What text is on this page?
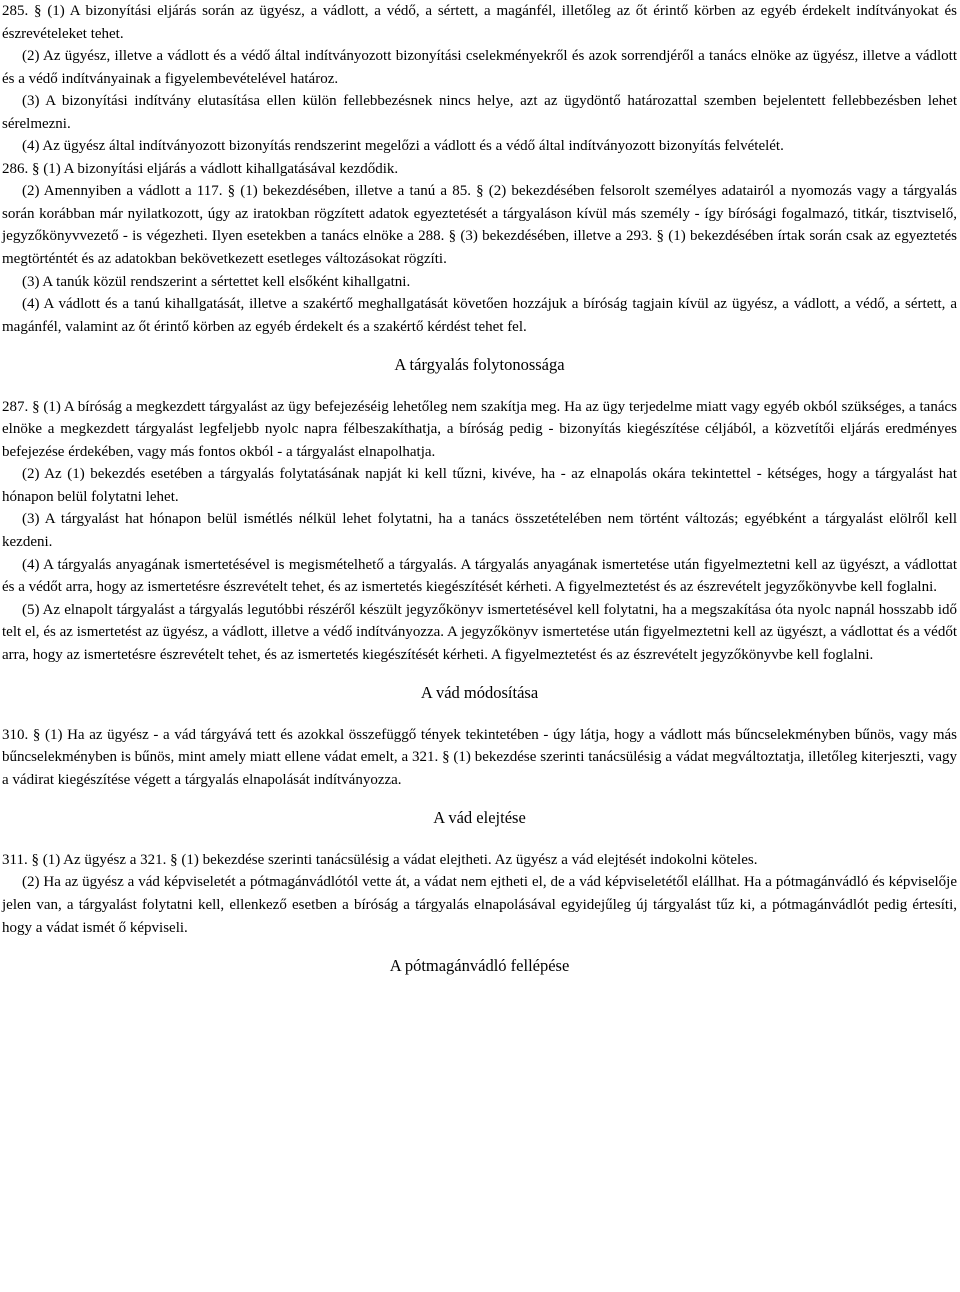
285. § (1) A bizonyítási eljárás során az ügyész, a vádlott, a védő, a sértett, a magánfél, illetőleg az őt érintő körben az egyéb érdekelt indítványokat és észrevételeket tehet.

(2) Az ügyész, illetve a vádlott és a védő által indítványozott bizonyítási cselekményekről és azok sorrendjéről a tanács elnöke az ügyész, illetve a vádlott és a védő indítványainak a figyelembevételével határoz.

(3) A bizonyítási indítvány elutasítása ellen külön fellebbezésnek nincs helye, azt az ügydöntő határozattal szemben bejelentett fellebbezésben lehet sérelmezni.

(4) Az ügyész által indítványozott bizonyítás rendszerint megelőzi a vádlott és a védő által indítványozott bizonyítás felvételét.

286. § (1) A bizonyítási eljárás a vádlott kihallgatásával kezdődik.

(2) Amennyiben a vádlott a 117. § (1) bekezdésében, illetve a tanú a 85. § (2) bekezdésében felsorolt személyes adatairól a nyomozás vagy a tárgyalás során korábban már nyilatkozott, úgy az iratokban rögzített adatok egyeztetését a tárgyaláson kívül más személy - így bírósági fogalmazó, titkár, tisztviselő, jegyzőkönyvvezető - is végezheti. Ilyen esetekben a tanács elnöke a 288. § (3) bekezdésében, illetve a 293. § (1) bekezdésében írtak során csak az egyeztetés megtörténtét és az adatokban bekövetkezett esetleges változásokat rögzíti.

(3) A tanúk közül rendszerint a sértettet kell elsőként kihallgatni.

(4) A vádlott és a tanú kihallgatását, illetve a szakértő meghallgatását követően hozzájuk a bíróság tagjain kívül az ügyész, a vádlott, a védő, a sértett, a magánfél, valamint az őt érintő körben az egyéb érdekelt és a szakértő kérdést tehet fel.

A tárgyalás folytonossága

287. § (1) A bíróság a megkezdett tárgyalást az ügy befejezéséig lehetőleg nem szakítja meg. Ha az ügy terjedelme miatt vagy egyéb okból szükséges, a tanács elnöke a megkezdett tárgyalást legfeljebb nyolc napra félbeszakíthatja, a bíróság pedig - bizonyítás kiegészítése céljából, a közvetítői eljárás eredményes befejezése érdekében, vagy más fontos okból - a tárgyalást elnapolhatja.

(2) Az (1) bekezdés esetében a tárgyalás folytatásának napját ki kell tűzni, kivéve, ha - az elnapolás okára tekintettel - kétséges, hogy a tárgyalást hat hónapon belül folytatni lehet.

(3) A tárgyalást hat hónapon belül ismétlés nélkül lehet folytatni, ha a tanács összetételében nem történt változás; egyébként a tárgyalást elölről kell kezdeni.

(4) A tárgyalás anyagának ismertetésével is megismételhető a tárgyalás. A tárgyalás anyagának ismertetése után figyelmeztetni kell az ügyészt, a vádlottat és a védőt arra, hogy az ismertetésre észrevételt tehet, és az ismertetés kiegészítését kérheti. A figyelmeztetést és az észrevételt jegyzőkönyvbe kell foglalni.

(5) Az elnapolt tárgyalást a tárgyalás legutóbbi részéről készült jegyzőkönyv ismertetésével kell folytatni, ha a megszakítása óta nyolc napnál hosszabb idő telt el, és az ismertetést az ügyész, a vádlott, illetve a védő indítványozza. A jegyzőkönyv ismertetése után figyelmeztetni kell az ügyészt, a vádlottat és a védőt arra, hogy az ismertetésre észrevételt tehet, és az ismertetés kiegészítését kérheti. A figyelmeztetést és az észrevételt jegyzőkönyvbe kell foglalni.

A vád módosítása

310. § (1) Ha az ügyész - a vád tárgyává tett és azokkal összefüggő tények tekintetében - úgy látja, hogy a vádlott más bűncselekményben bűnös, vagy más bűncselekményben is bűnös, mint amely miatt ellene vádat emelt, a 321. § (1) bekezdése szerinti tanácsülésig a vádat megváltoztatja, illetőleg kiterjeszti, vagy a vádirat kiegészítése végett a tárgyalás elnapolását indítványozza.

A vád elejtése

311. § (1) Az ügyész a 321. § (1) bekezdése szerinti tanácsülésig a vádat elejtheti. Az ügyész a vád elejtését indokolni köteles.

(2) Ha az ügyész a vád képviseletét a pótmagánvádlótól vette át, a vádat nem ejtheti el, de a vád képviseletétől elállhat. Ha a pótmagánvádló és képviselője jelen van, a tárgyalást folytatni kell, ellenkező esetben a bíróság a tárgyalás elnapolásával egyidejűleg új tárgyalást tűz ki, a pótmagánvádlót pedig értesíti, hogy a vádat ismét ő képviseli.

A pótmagánvádló fellépése
